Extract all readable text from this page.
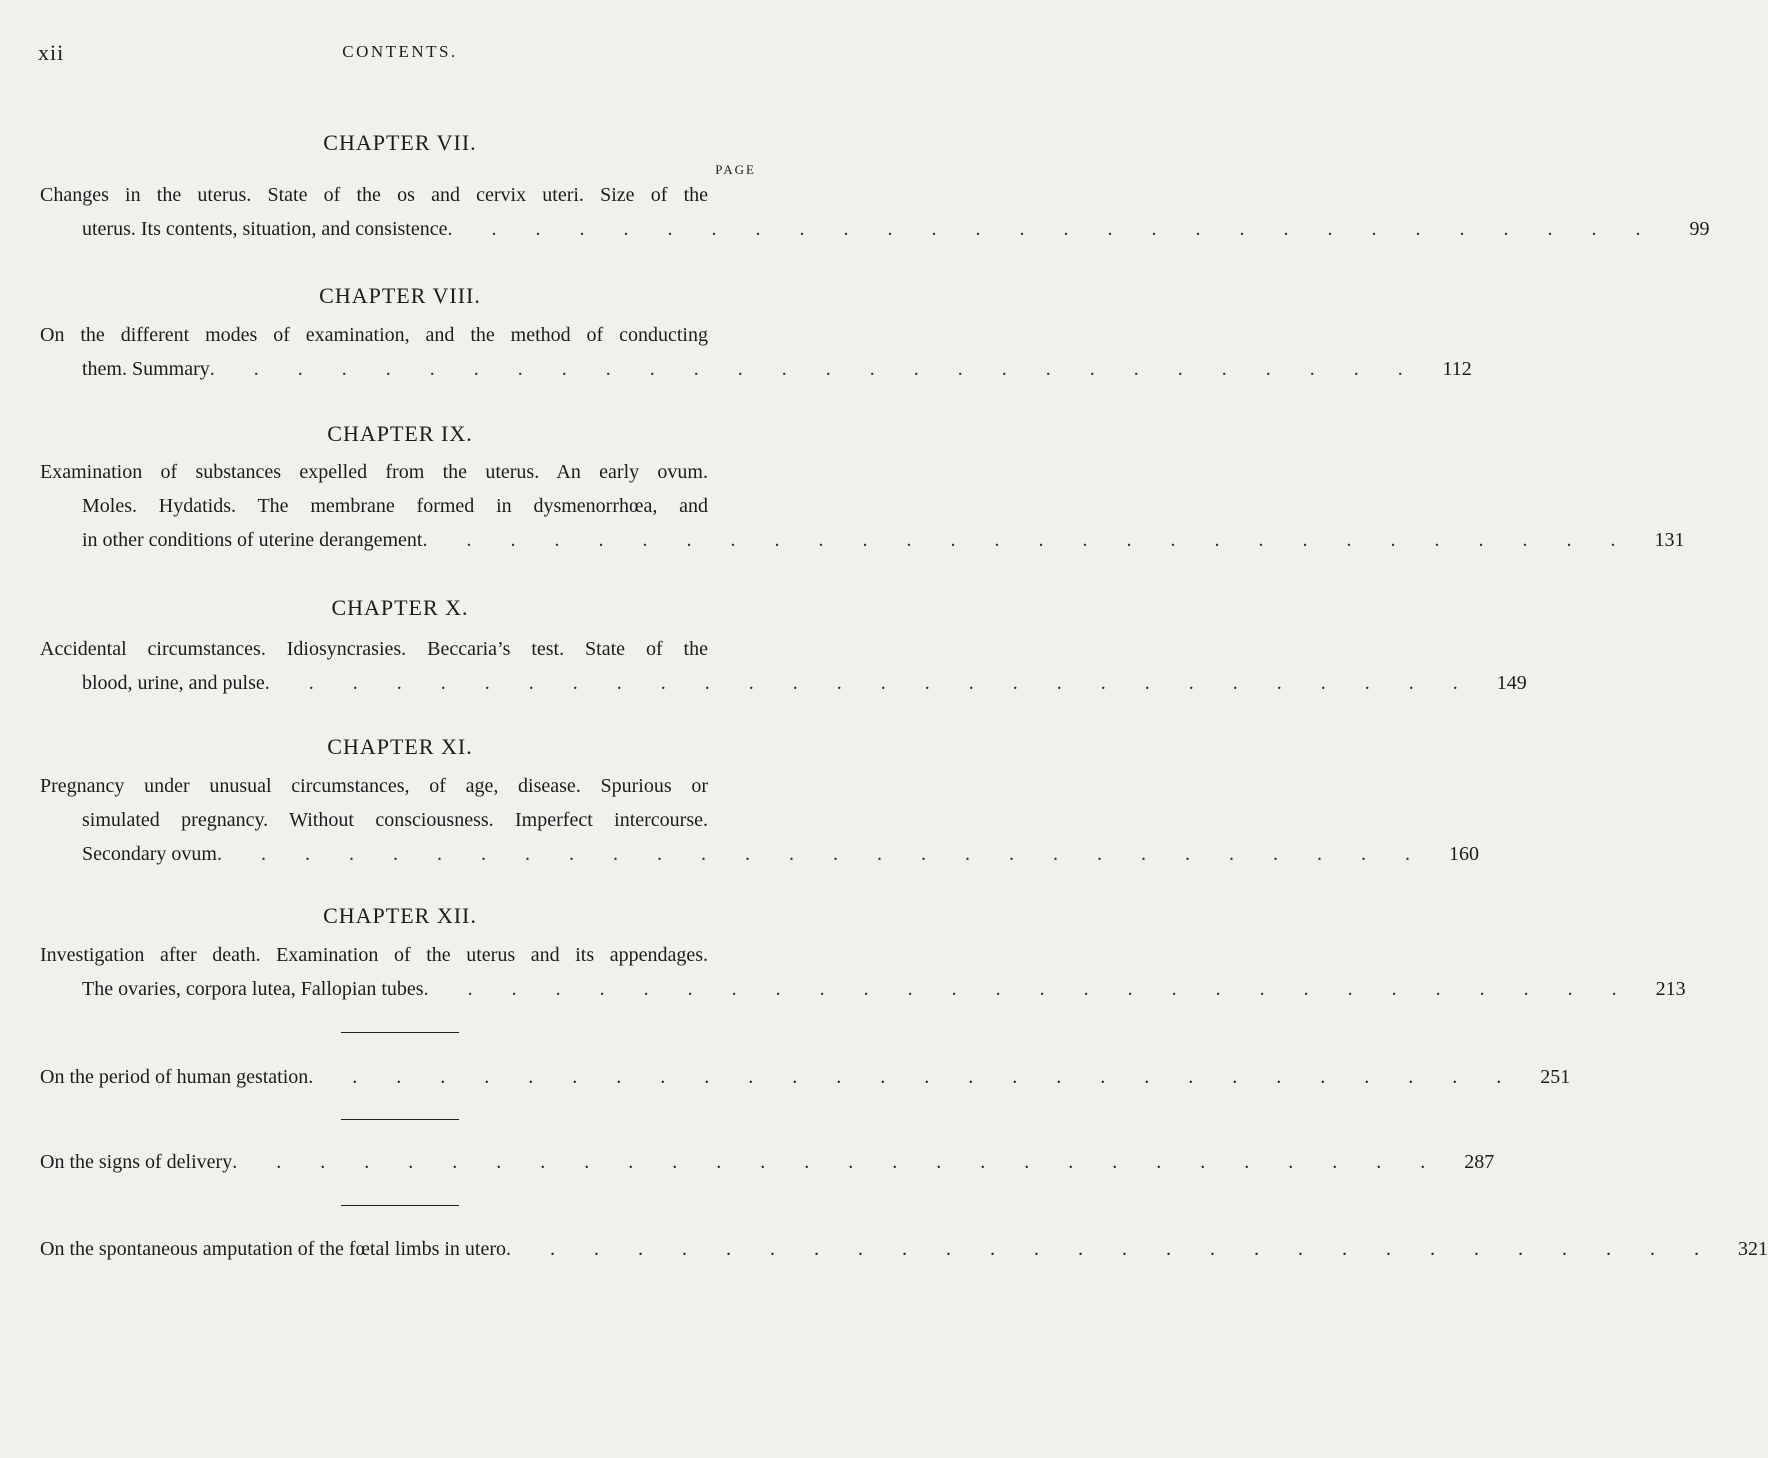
xii	CONTENTS.
CHAPTER VII.
PAGE
Changes in the uterus. State of the os and cervix uteri. Size of the
uterus. Its contents, situation, and consistence . . . . . . . . . . . . . . . . . . . . . . . . . . . .	99
CHAPTER VIII.
On the different modes of examination, and the method of conducting
them. Summary . . . . . . . . . . . . . . . . . . . . . . . . . . . .	112
CHAPTER IX.
Examination of substances expelled from the uterus. An early ovum.
Moles. Hydatids. The membrane formed in dysmenorrhœa, and
in other conditions of uterine derangement . . . . . . . . . . . . . . . . . . . . . . . . . . . .	131
CHAPTER X.
Accidental circumstances. Idiosyncrasies. Beccaria’s test. State of the
blood, urine, and pulse . . . . . . . . . . . . . . . . . . . . . . . . . . . .	149
CHAPTER XI.
Pregnancy under unusual circumstances, of age, disease. Spurious or
simulated pregnancy. Without consciousness. Imperfect intercourse.
Secondary ovum . . . . . . . . . . . . . . . . . . . . . . . . . . . .	160
CHAPTER XII.
Investigation after death. Examination of the uterus and its appendages.
The ovaries, corpora lutea, Fallopian tubes . . . . . . . . . . . . . . . . . . . . . . . . . . . .	213
On the period of human gestation . . . . . . . . . . . . . . . . . . . . . . . . . . . .	251
On the signs of delivery . . . . . . . . . . . . . . . . . . . . . . . . . . . .	287
On the spontaneous amputation of the fœtal limbs in utero . . . . . . . . . . . . . . . . . . . . . . . . . . . .	321
